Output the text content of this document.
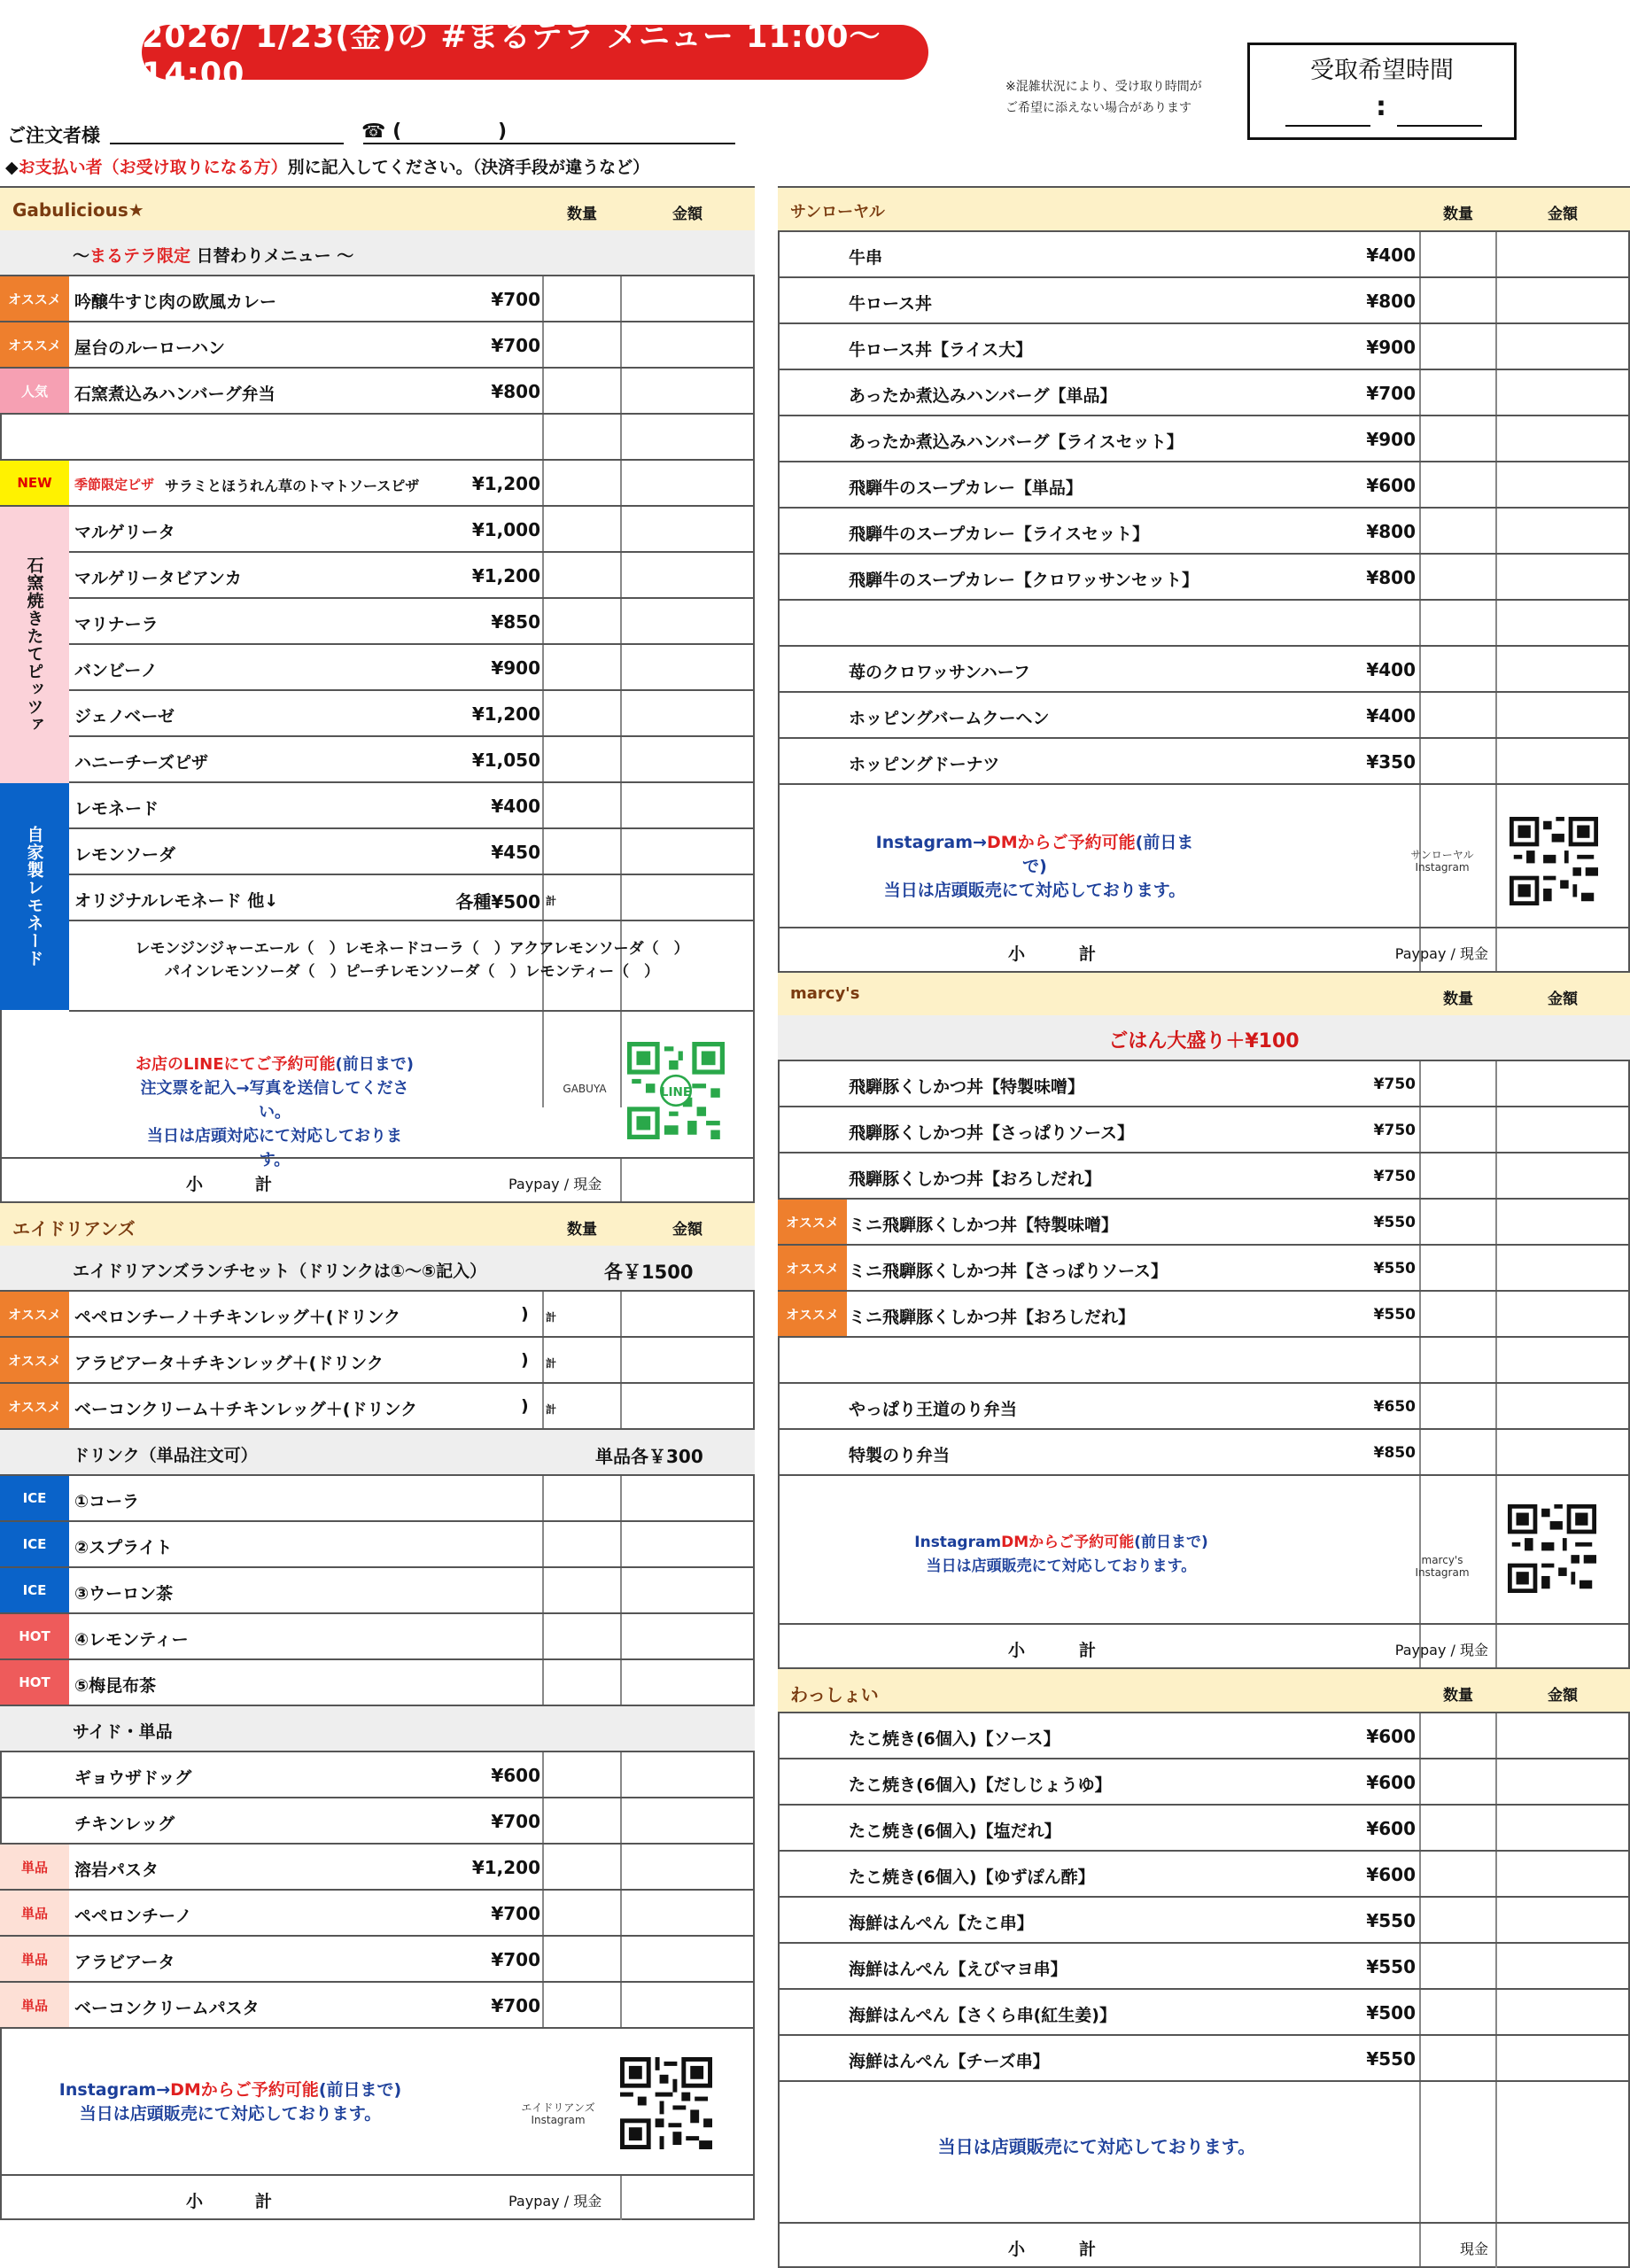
2026/ 1/23(金)の #まるテラ メニュー 11:00〜14:00	※混雑状況により、受け取り時間が
ご希望に添えない場合があります
受取希望時間
:
ご注文者様	☎ (	)
◆お支払い者（お受け取りになる方）別に記入してください。（決済手段が違うなど）
Gabulicious★	数量	金額
〜まるテラ限定 日替わりメニュー 〜
オススメ 吟醸牛すじ肉の欧風カレー	¥700
オススメ 屋台のルーローハン	¥700
人気	石窯煮込みハンバーグ弁当	¥800
NEW	季節限定ピザ サラミとほうれん草のトマトソースピザ	¥1,200
石窯焼きたてピッツァ
マルゲリータ	¥1,000
マルゲリータビアンカ	¥1,200
マリナーラ	¥850
バンビーノ	¥900
ジェノベーゼ	¥1,200
ハニーチーズピザ	¥1,050
自家製レモネード
レモネード	¥400
レモンソーダ	¥450
オリジナルレモネード 他↓	各種¥500 計
レモンジンジャーエール（　）レモネードコーラ（　）アクアレモンソーダ（　）
パインレモンソーダ（　）ピーチレモンソーダ（　）レモンティー（　）
お店のLINEにてご予約可能(前日まで)
注文票を記入→写真を送信してください。
当日は店頭対応にて対応しております。
GABUYA	LINE
小	計	Paypay / 現金
エイドリアンズ	数量	金額
エイドリアンズランチセット（ドリンクは①〜⑤記入）	各￥1500
オススメ ペペロンチーノ＋チキンレッグ＋(ドリンク	) 計
オススメ アラビアータ＋チキンレッグ＋(ドリンク	) 計
オススメ ベーコンクリーム＋チキンレッグ＋(ドリンク	) 計
ドリンク（単品注文可）	単品各￥300
ICE	①コーラ
ICE	②スプライト
ICE	③ウーロン茶
HOT	④レモンティー
HOT	⑤梅昆布茶
サイド・単品
ギョウザドッグ	¥600
チキンレッグ	¥700
単品	溶岩パスタ	¥1,200
単品	ペペロンチーノ	¥700
単品	アラビアータ	¥700
単品	ベーコンクリームパスタ	¥700
Instagram→DMからご予約可能(前日まで)
当日は店頭販売にて対応しております。	エイドリアンズ
Instagram
小	計	Paypay / 現金
サンローヤル	数量	金額
牛串	¥400
牛ロース丼	¥800
牛ロース丼【ライス大】	¥900
あったか煮込みハンバーグ【単品】	¥700
あったか煮込みハンバーグ【ライスセット】	¥900
飛騨牛のスープカレー【単品】	¥600
飛騨牛のスープカレー【ライスセット】	¥800
飛騨牛のスープカレー【クロワッサンセット】	¥800
苺のクロワッサンハーフ	¥400
ホッピングバームクーヘン	¥400
ホッピングドーナツ	¥350
Instagram→DMからご予約可能(前日まで)
当日は店頭販売にて対応しております。
サンローヤル
Instagram
小	計	Paypay / 現金
marcy's	数量	金額
ごはん大盛り＋¥100
飛騨豚くしかつ丼【特製味噌】	¥750
飛騨豚くしかつ丼【さっぱりソース】	¥750
飛騨豚くしかつ丼【おろしだれ】	¥750
オススメ ミニ飛騨豚くしかつ丼【特製味噌】	¥550
オススメ ミニ飛騨豚くしかつ丼【さっぱりソース】	¥550
オススメ ミニ飛騨豚くしかつ丼【おろしだれ】	¥550
やっぱり王道のり弁当	¥650
特製のり弁当	¥850
InstagramDMからご予約可能(前日まで)
当日は店頭販売にて対応しております。	marcy's
Instagram
小	計	Paypay / 現金
わっしょい	数量	金額
たこ焼き(6個入)【ソース】	¥600
たこ焼き(6個入)【だしじょうゆ】	¥600
たこ焼き(6個入)【塩だれ】	¥600
たこ焼き(6個入)【ゆずぽん酢】	¥600
海鮮はんぺん【たこ串】	¥550
海鮮はんぺん【えびマヨ串】	¥550
海鮮はんぺん【さくら串(紅生姜)】	¥500
海鮮はんぺん【チーズ串】	¥550
当日は店頭販売にて対応しております。
小	計	現金
